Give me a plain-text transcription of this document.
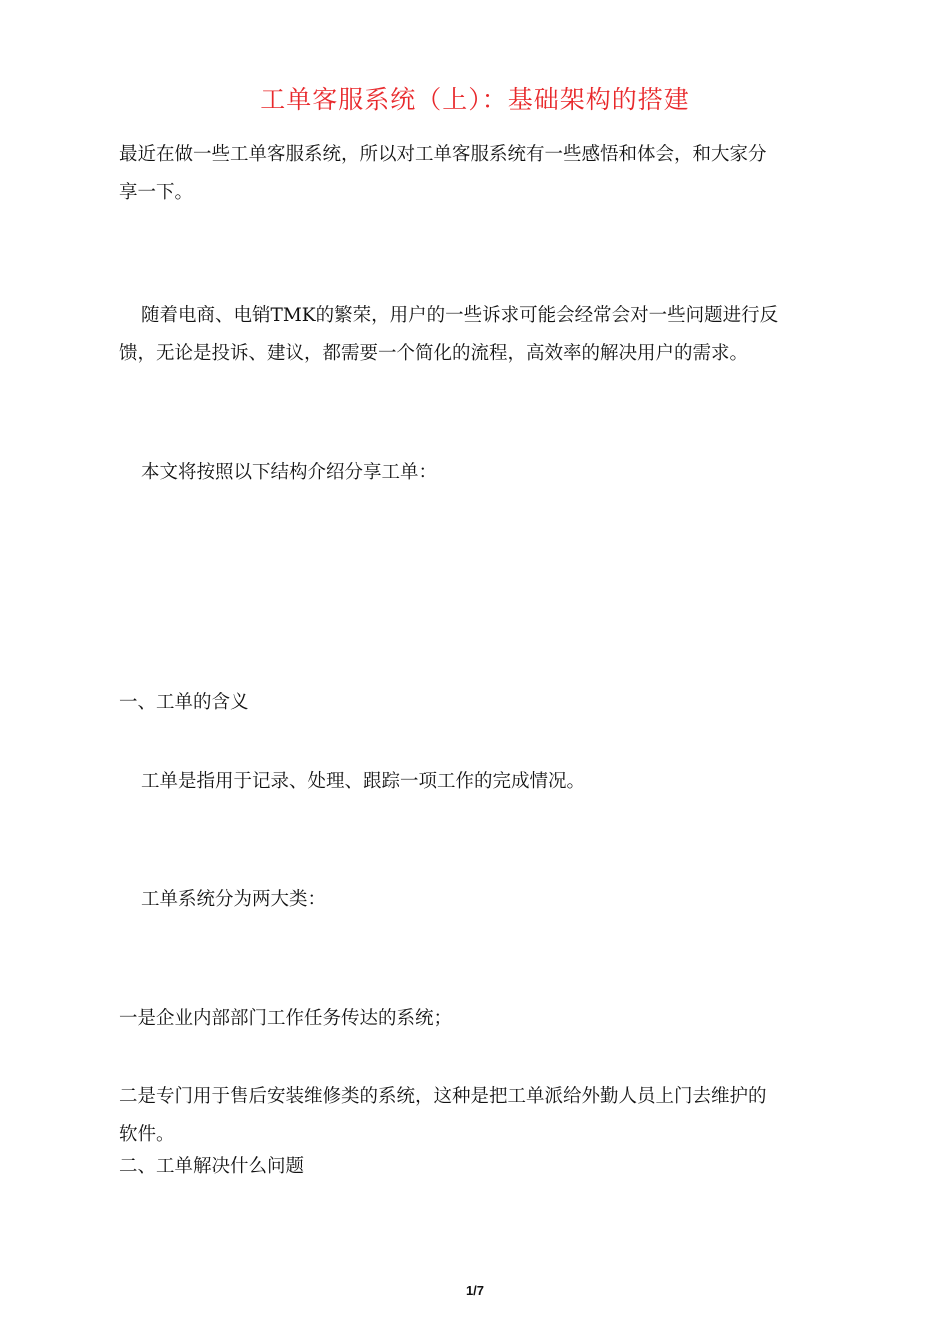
工单客服系统（上）：基础架构的搭建
最近在做一些工单客服系统，所以对工单客服系统有一些感悟和体会，和大家分
享一下。
随着电商、电销TMK的繁荣，用户的一些诉求可能会经常会对一些问题进行反
馈，无论是投诉、建议，都需要一个简化的流程，高效率的解决用户的需求。
本文将按照以下结构介绍分享工单：
一、工单的含义
工单是指用于记录、处理、跟踪一项工作的完成情况。
工单系统分为两大类：
一是企业内部部门工作任务传达的系统；
二是专门用于售后安装维修类的系统，这种是把工单派给外勤人员上门去维护的
软件。
二、工单解决什么问题
1/7
